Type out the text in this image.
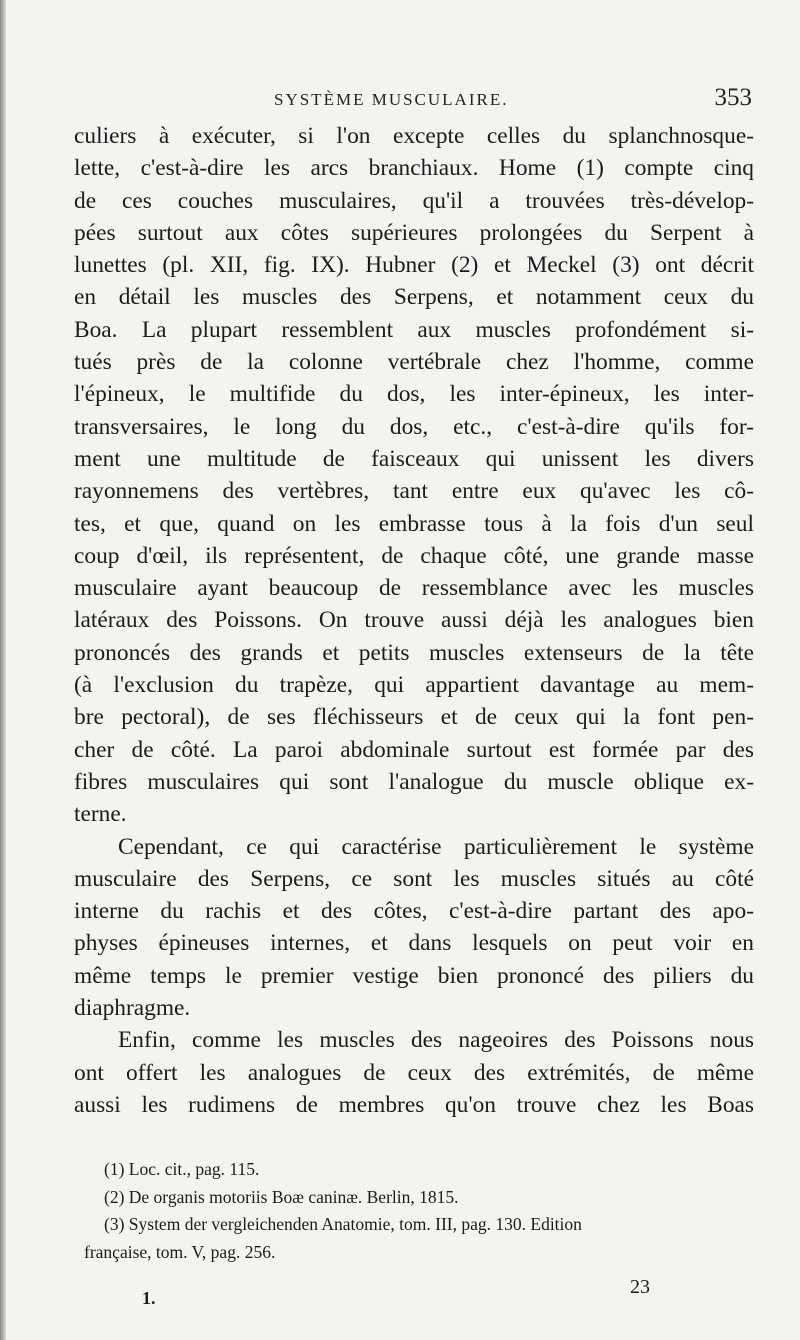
SYSTÈME MUSCULAIRE.	353

culiers à exécuter, si l'on excepte celles du splanchnosque-

lette, c'est-à-dire les arcs branchiaux. Home (1) compte cinq

de ces couches musculaires, qu'il a trouvées très-dévelop-

pées surtout aux côtes supérieures prolongées du Serpent à

lunettes (pl. XII, fig. IX). Hubner (2) et Meckel (3) ont décrit

en détail les muscles des Serpens, et notamment ceux du

Boa. La plupart ressemblent aux muscles profondément si-

tués près de la colonne vertébrale chez l'homme, comme

l'épineux, le multifide du dos, les inter-épineux, les inter-

transversaires, le long du dos, etc., c'est-à-dire qu'ils for-

ment une multitude de faisceaux qui unissent les divers

rayonnemens des vertèbres, tant entre eux qu'avec les cô-

tes, et que, quand on les embrasse tous à la fois d'un seul

coup d'œil, ils représentent, de chaque côté, une grande masse

musculaire ayant beaucoup de ressemblance avec les muscles

latéraux des Poissons. On trouve aussi déjà les analogues bien

prononcés des grands et petits muscles extenseurs de la tête

(à l'exclusion du trapèze, qui appartient davantage au mem-

bre pectoral), de ses fléchisseurs et de ceux qui la font pen-

cher de côté. La paroi abdominale surtout est formée par des

fibres musculaires qui sont l'analogue du muscle oblique ex-

terne.

Cependant, ce qui caractérise particulièrement le système

musculaire des Serpens, ce sont les muscles situés au côté

interne du rachis et des côtes, c'est-à-dire partant des apo-

physes épineuses internes, et dans lesquels on peut voir en

même temps le premier vestige bien prononcé des piliers du

diaphragme.

Enfin, comme les muscles des nageoires des Poissons nous

ont offert les analogues de ceux des extrémités, de même

aussi les rudimens de membres qu'on trouve chez les Boas

(1) Loc. cit., pag. 115.

(2) De organis motoriis Boæ caninæ. Berlin, 1815.

(3) System der vergleichenden Anatomie, tom. III, pag. 130. Edition

française, tom. V, pag. 256.

1.	23
